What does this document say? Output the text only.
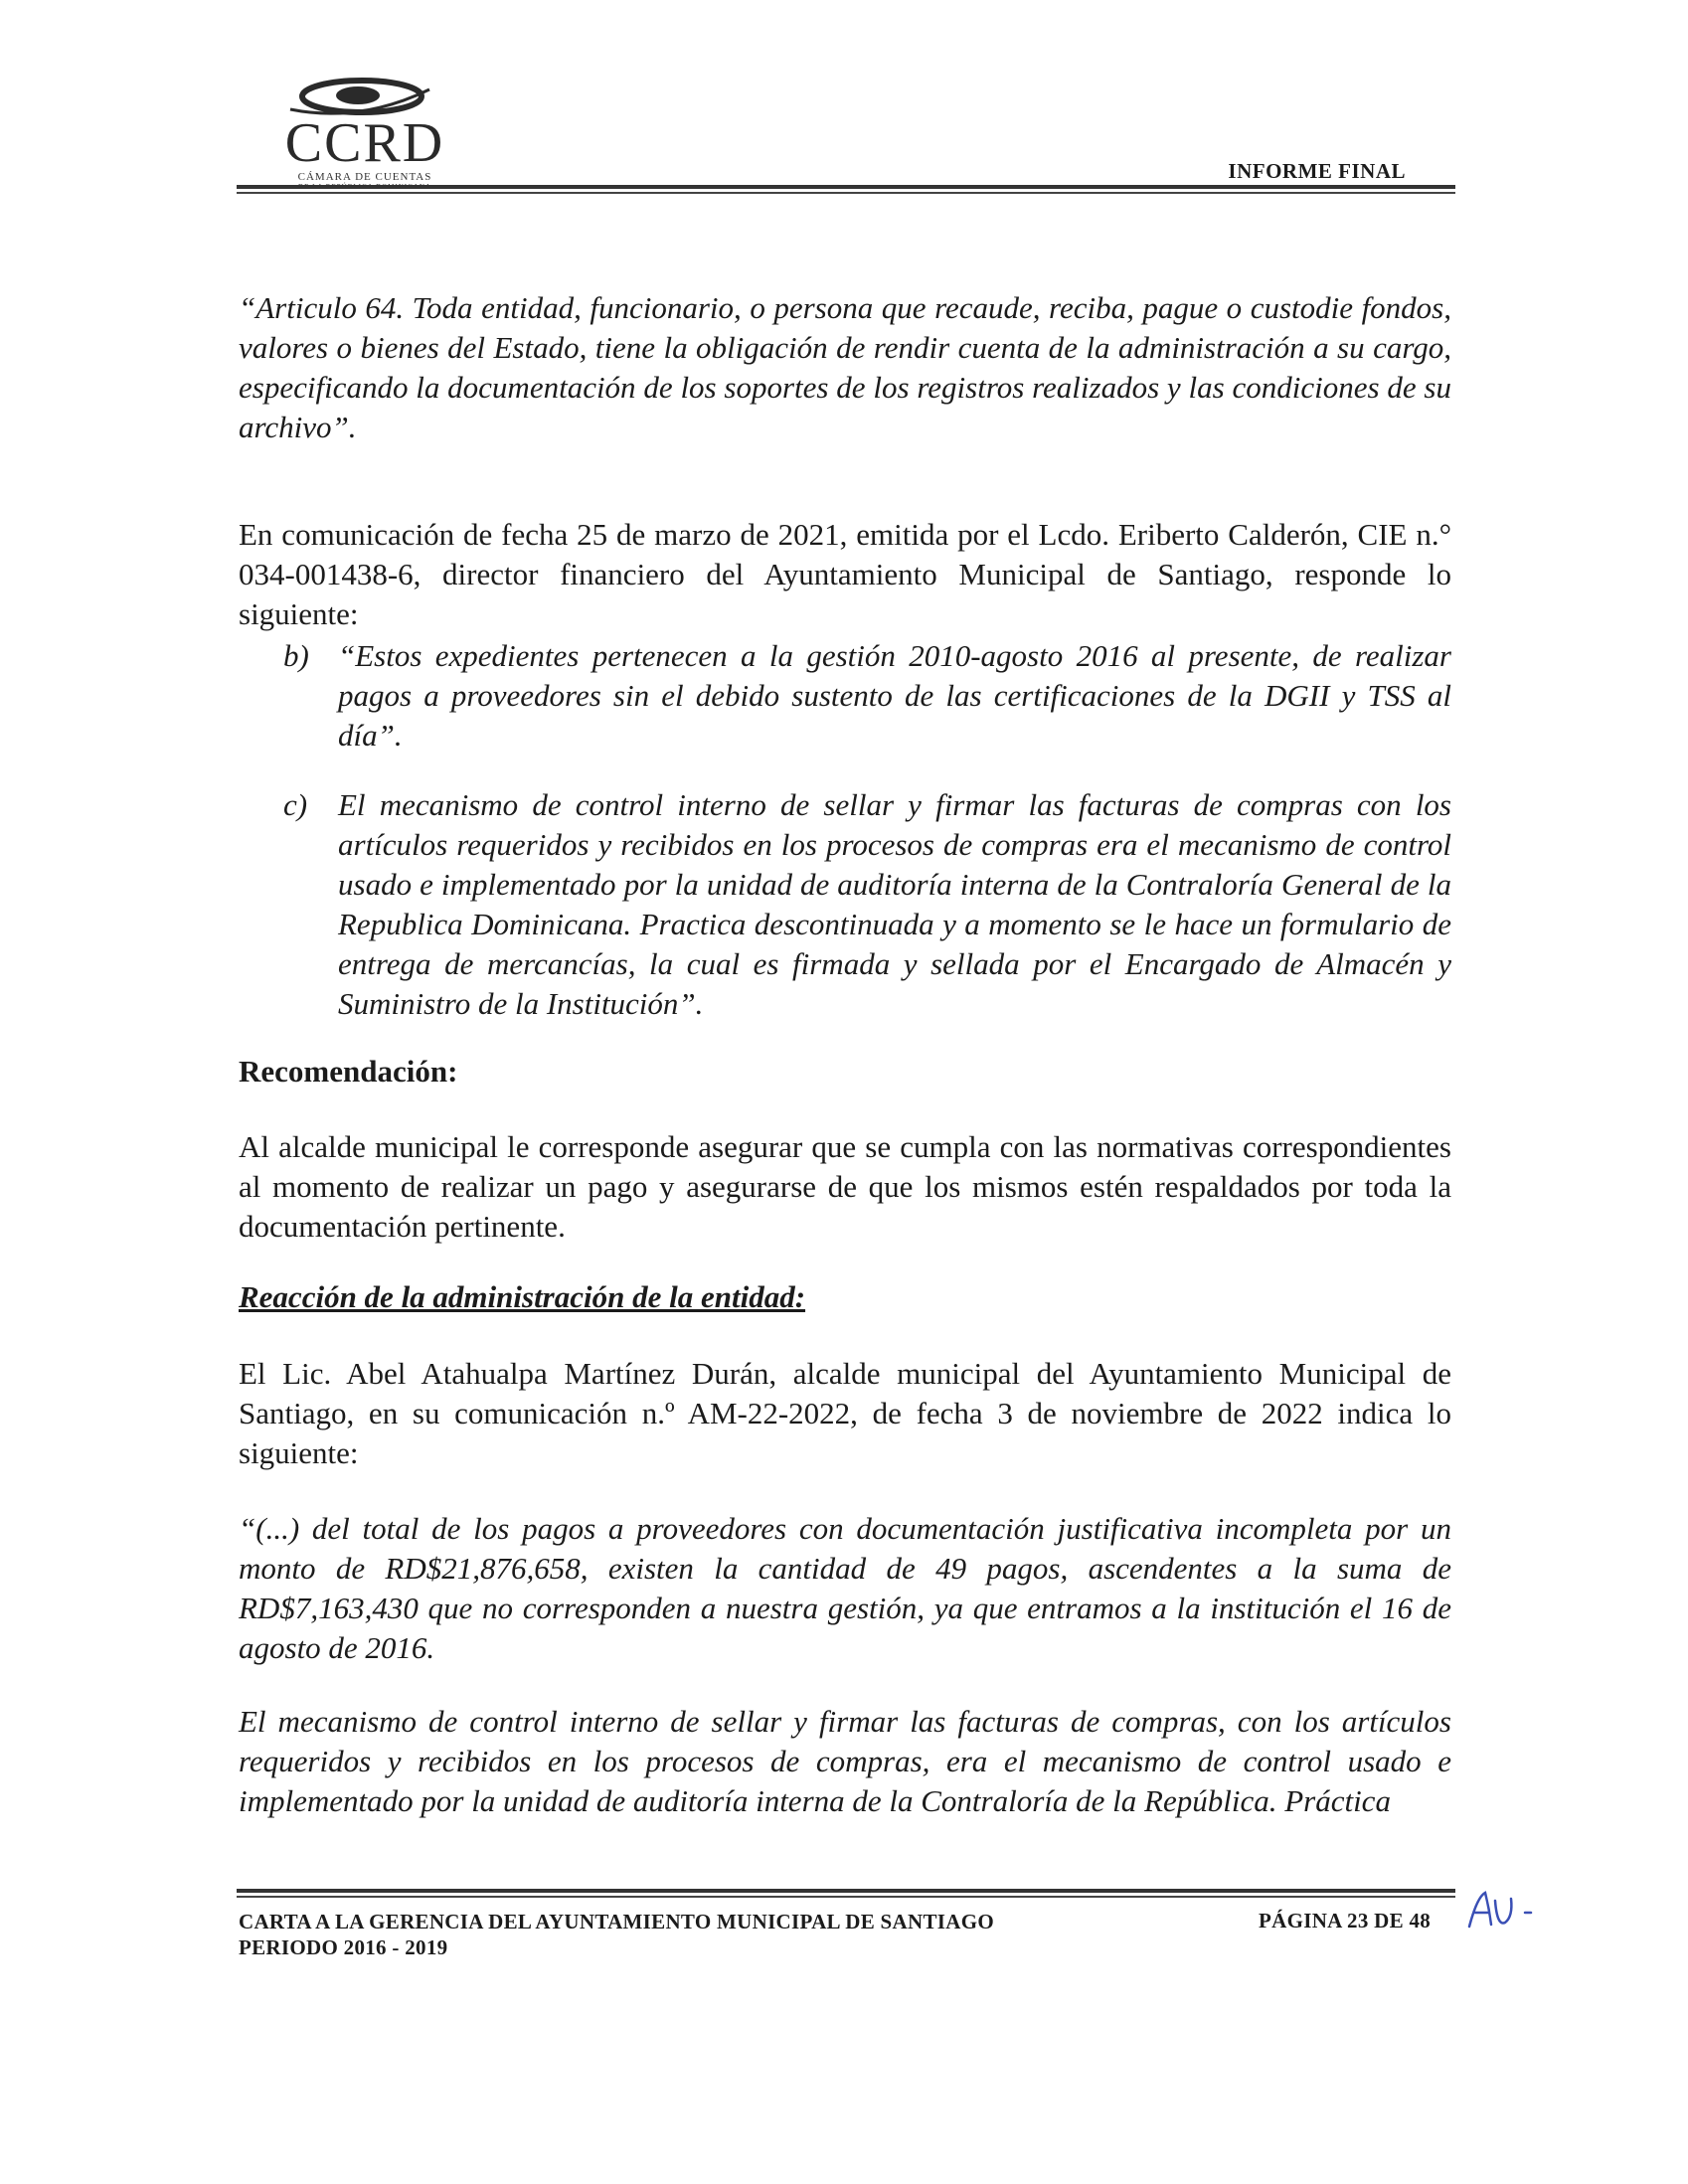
CCRD
CÁMARA DE CUENTAS	INFORME FINAL
“Articulo 64. Toda entidad, funcionario, o persona que recaude, reciba, pague o custodie fondos, valores o bienes del Estado, tiene la obligación de rendir cuenta de la administración a su cargo, especificando la documentación de los soportes de los registros realizados y las condiciones de su archivo”.
En comunicación de fecha 25 de marzo de 2021, emitida por el Lcdo. Eriberto Calderón, CIE n.° 034-001438-6, director financiero del Ayuntamiento Municipal de Santiago, responde lo siguiente:
b) “Estos expedientes pertenecen a la gestión 2010-agosto 2016 al presente, de realizar pagos a proveedores sin el debido sustento de las certificaciones de la DGII y TSS al día”.
c) El mecanismo de control interno de sellar y firmar las facturas de compras con los artículos requeridos y recibidos en los procesos de compras era el mecanismo de control usado e implementado por la unidad de auditoría interna de la Contraloría General de la Republica Dominicana. Practica descontinuada y a momento se le hace un formulario de entrega de mercancías, la cual es firmada y sellada por el Encargado de Almacén y Suministro de la Institución”.
Recomendación:
Al alcalde municipal le corresponde asegurar que se cumpla con las normativas correspondientes al momento de realizar un pago y asegurarse de que los mismos estén respaldados por toda la documentación pertinente.
Reacción de la administración de la entidad:
El Lic. Abel Atahualpa Martínez Durán, alcalde municipal del Ayuntamiento Municipal de Santiago, en su comunicación n.º AM-22-2022, de fecha 3 de noviembre de 2022 indica lo siguiente:
“(...) del total de los pagos a proveedores con documentación justificativa incompleta por un monto de RD$21,876,658, existen la cantidad de 49 pagos, ascendentes a la suma de RD$7,163,430 que no corresponden a nuestra gestión, ya que entramos a la institución el 16 de agosto de 2016.
El mecanismo de control interno de sellar y firmar las facturas de compras, con los artículos requeridos y recibidos en los procesos de compras, era el mecanismo de control usado e implementado por la unidad de auditoría interna de la Contraloría de la República. Práctica
CARTA A LA GERENCIA DEL AYUNTAMIENTO MUNICIPAL DE SANTIAGO
PERIODO 2016 - 2019
PÁGINA 23 DE 48
